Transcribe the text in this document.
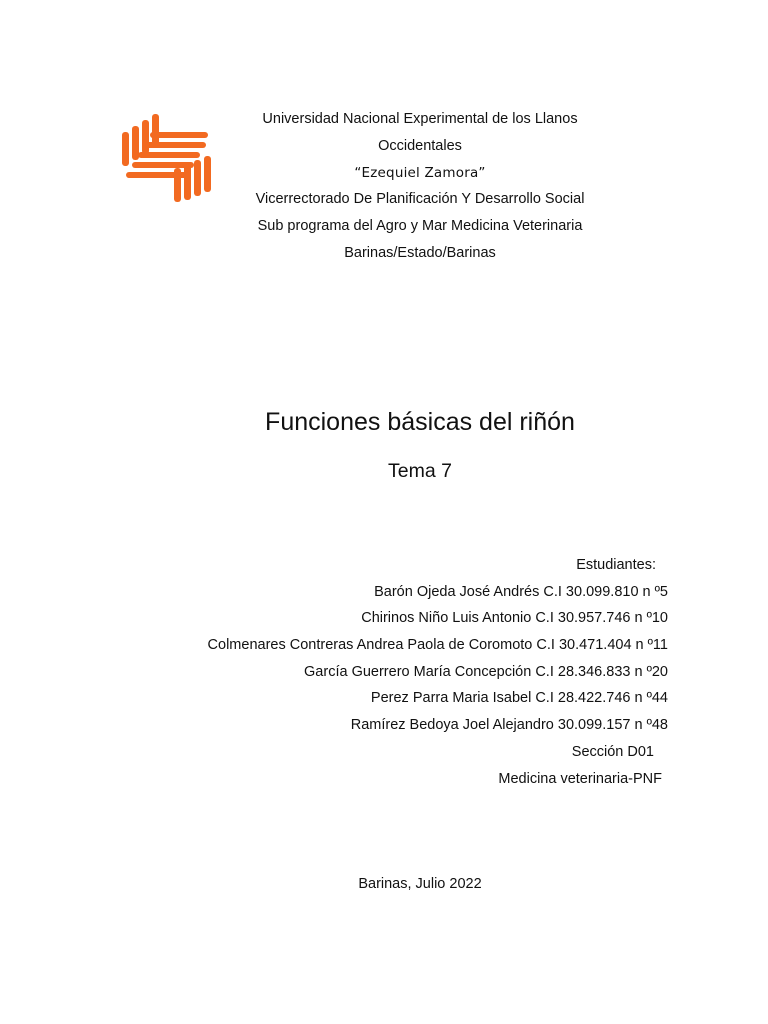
Universidad Nacional Experimental de los Llanos
Occidentales
“Ezequiel Zamora”
Vicerrectorado De Planificación Y Desarrollo Social
Sub programa del Agro y Mar Medicina Veterinaria
Barinas/Estado/Barinas
Funciones básicas del riñón
Tema 7
Estudiantes:
Barón Ojeda José Andrés C.I 30.099.810 n º5
Chirinos Niño Luis Antonio C.I 30.957.746 n º10
Colmenares Contreras Andrea Paola de Coromoto C.I 30.471.404 n º11
García Guerrero María Concepción C.I 28.346.833 n º20
Perez Parra Maria Isabel C.I 28.422.746 n º44
Ramírez Bedoya Joel Alejandro 30.099.157 n º48
Sección D01
Medicina veterinaria-PNF
Barinas, Julio 2022
